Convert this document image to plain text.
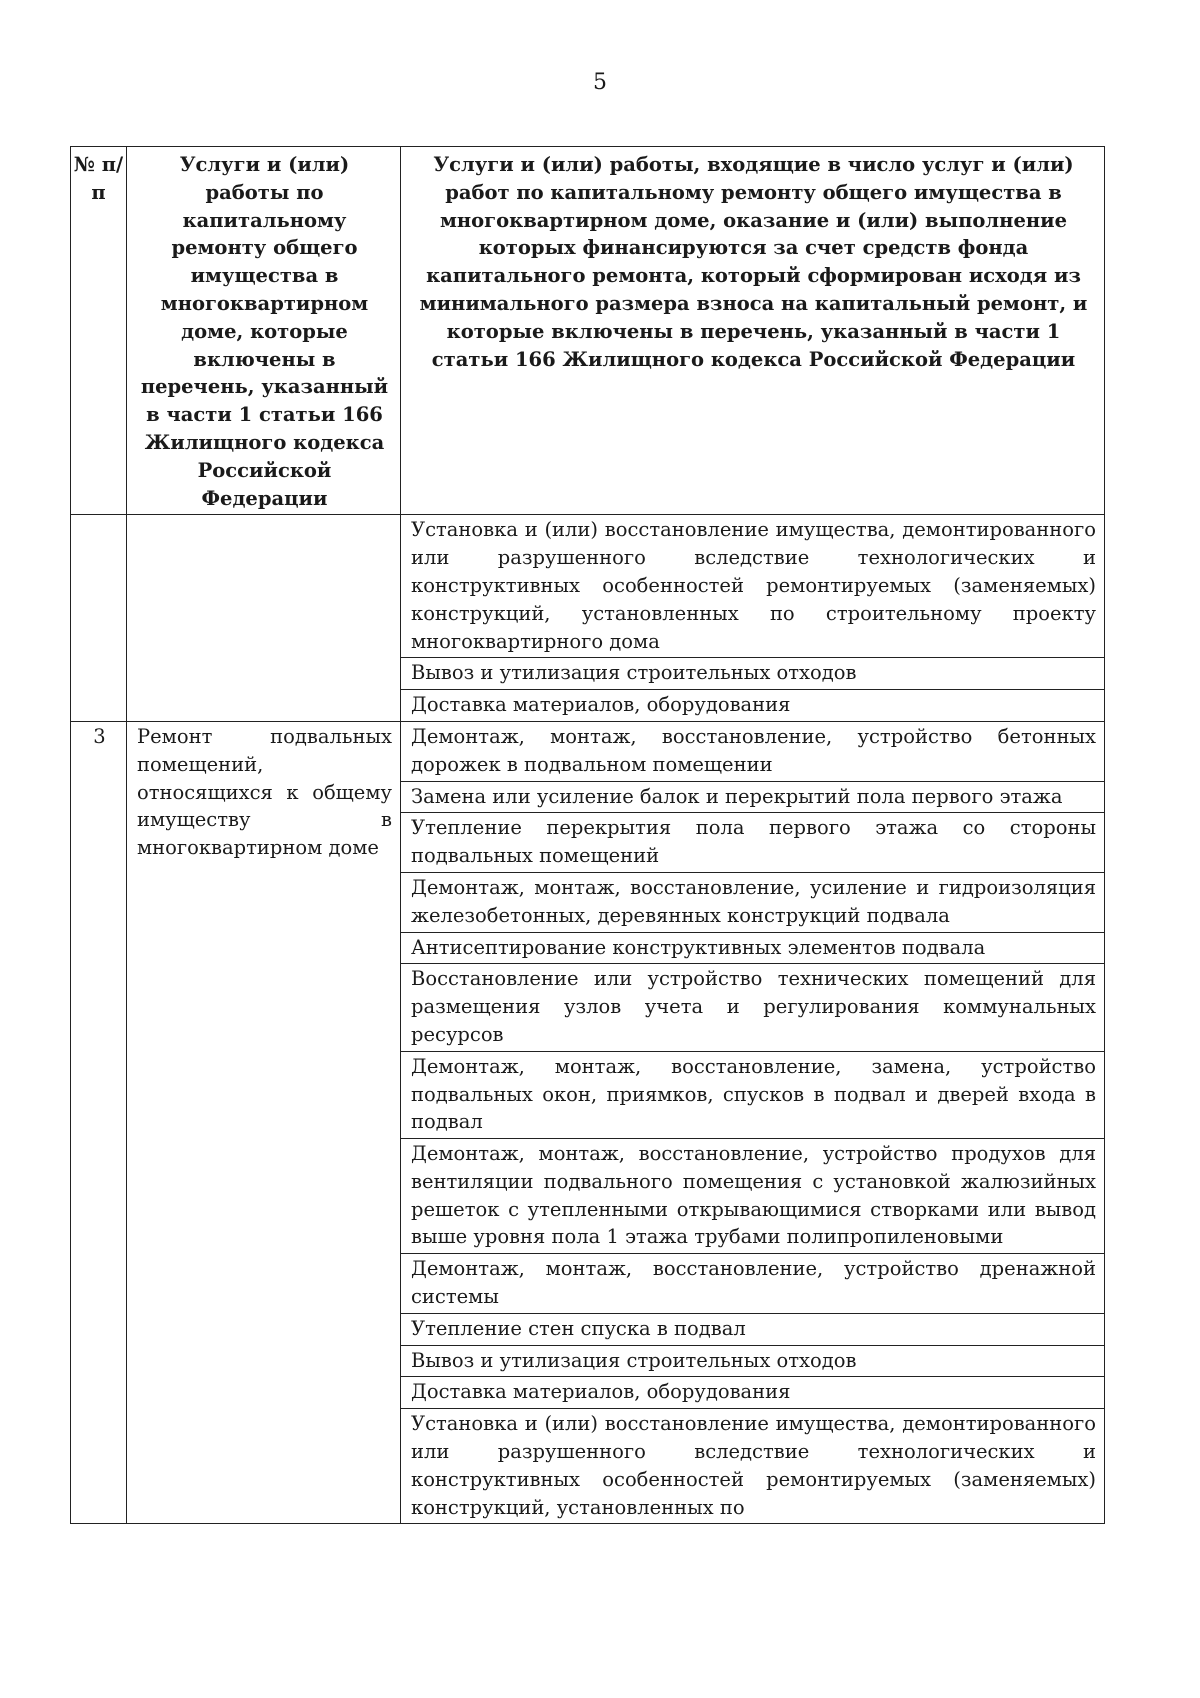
5
№ п/п	Услуги и (или) работы по капитальному ремонту общего имущества в многоквартирном доме, которые включены в перечень, указанный в части 1 статьи 166 Жилищного кодекса Российской Федерации	Услуги и (или) работы, входящие в число услуг и (или) работ по капитальному ремонту общего имущества в многоквартирном доме, оказание и (или) выполнение которых финансируются за счет средств фонда капитального ремонта, который сформирован исходя из минимального размера взноса на капитальный ремонт, и которые включены в перечень, указанный в части 1 статьи 166 Жилищного кодекса Российской Федерации
		Установка и (или) восстановление имущества, демонтированного или разрушенного вследствие технологических и конструктивных особенностей ремонтируемых (заменяемых) конструкций, установленных по строительному проекту многоквартирного дома
		Вывоз и утилизация строительных отходов
		Доставка материалов, оборудования
3	Ремонт подвальных помещений, относящихся к общему имуществу в многоквартирном доме	Демонтаж, монтаж, восстановление, устройство бетонных дорожек в подвальном помещении
		Замена или усиление балок и перекрытий пола первого этажа
		Утепление перекрытия пола первого этажа со стороны подвальных помещений
		Демонтаж, монтаж, восстановление, усиление и гидроизоляция железобетонных, деревянных конструкций подвала
		Антисептирование конструктивных элементов подвала
		Восстановление или устройство технических помещений для размещения узлов учета и регулирования коммунальных ресурсов
		Демонтаж, монтаж, восстановление, замена, устройство подвальных окон, приямков, спусков в подвал и дверей входа в подвал
		Демонтаж, монтаж, восстановление, устройство продухов для вентиляции подвального помещения с установкой жалюзийных решеток с утепленными открывающимися створками или вывод выше уровня пола 1 этажа трубами полипропиленовыми
		Демонтаж, монтаж, восстановление, устройство дренажной системы
		Утепление стен спуска в подвал
		Вывоз и утилизация строительных отходов
		Доставка материалов, оборудования
		Установка и (или) восстановление имущества, демонтированного или разрушенного вследствие технологических и конструктивных особенностей ремонтируемых (заменяемых) конструкций, установленных по
